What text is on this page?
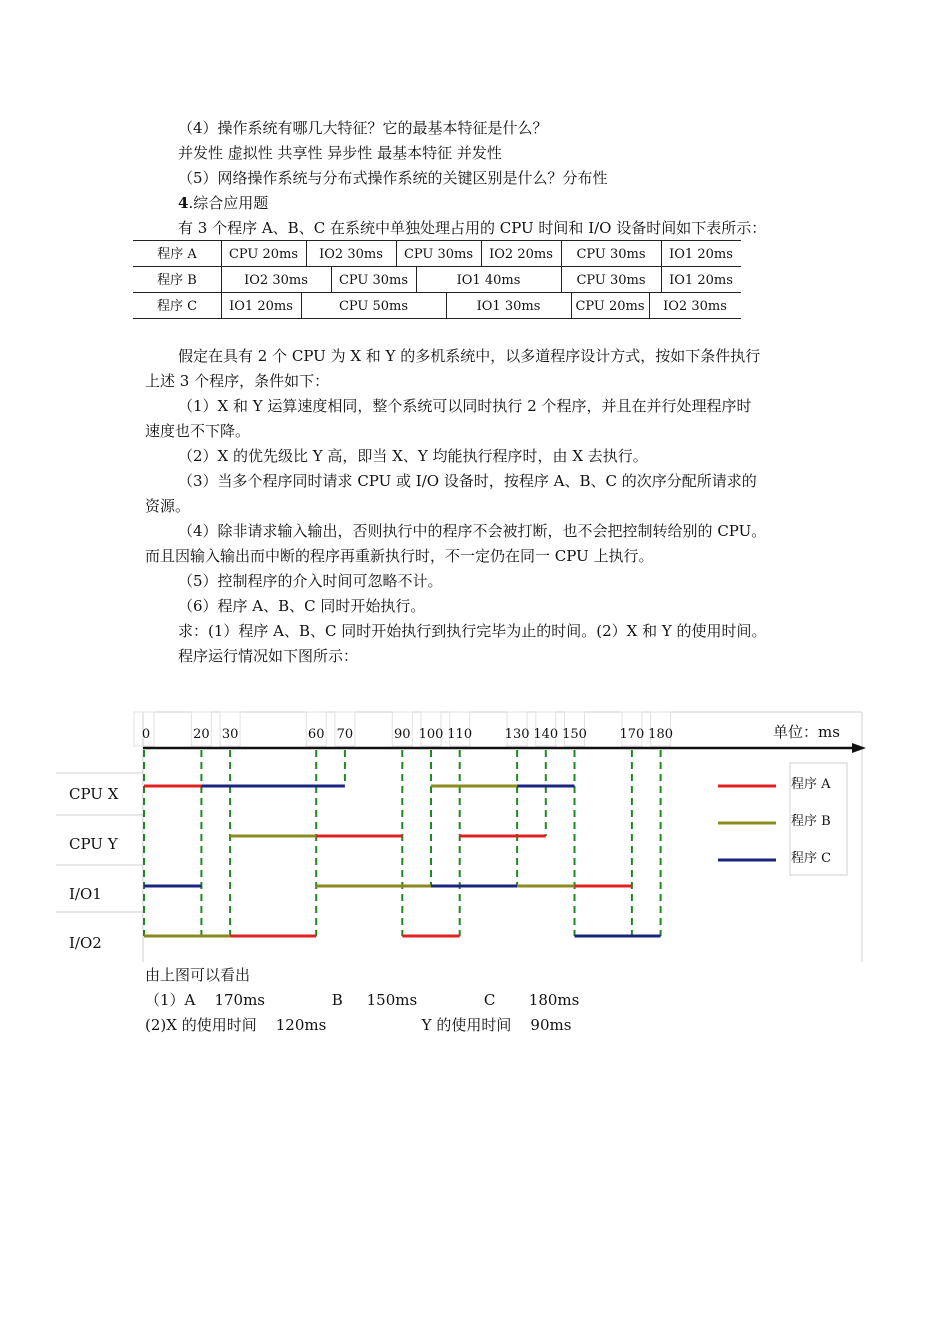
（4）操作系统有哪几大特征？它的最基本特征是什么？
并发性 虚拟性 共享性 异步性 最基本特征 并发性
（5）网络操作系统与分布式操作系统的关键区别是什么？分布性
4.综合应用题
有 3 个程序 A、B、C 在系统中单独处理占用的 CPU 时间和 I/O 设备时间如下表所示：
程序 A	CPU 20ms	IO2 30ms	CPU 30ms	IO2 20ms	CPU 30ms	IO1 20ms
程序 B	IO2 30ms	CPU 30ms	IO1 40ms	CPU 30ms	IO1 20ms
程序 C	IO1 20ms	CPU 50ms	IO1 30ms	CPU 20ms	IO2 30ms
假定在具有 2 个 CPU 为 X 和 Y 的多机系统中，以多道程序设计方式，按如下条件执行
上述 3 个程序，条件如下：
（1）X 和 Y 运算速度相同，整个系统可以同时执行 2 个程序，并且在并行处理程序时
速度也不下降。
（2）X 的优先级比 Y 高，即当 X、Y 均能执行程序时，由 X 去执行。
（3）当多个程序同时请求 CPU 或 I/O 设备时，按程序 A、B、C 的次序分配所请求的
资源。
（4）除非请求输入输出，否则执行中的程序不会被打断，也不会把控制转给别的 CPU。
而且因输入输出而中断的程序再重新执行时，不一定仍在同一 CPU 上执行。
（5）控制程序的介入时间可忽略不计。
（6）程序 A、B、C 同时开始执行。
求：(1）程序 A、B、C 同时开始执行到执行完毕为止的时间。(2）X 和 Y 的使用时间。
程序运行情况如下图所示：
单位：ms
CPU X
CPU Y
I/O1
I/O2
程序 A
程序 B
程序 C
0	20 30	60 70	90 100 110	130 140 150	170 180
由上图可以看出
（1）A    170ms              B     150ms              C       180ms
(2)X 的使用时间    120ms                    Y 的使用时间    90ms
